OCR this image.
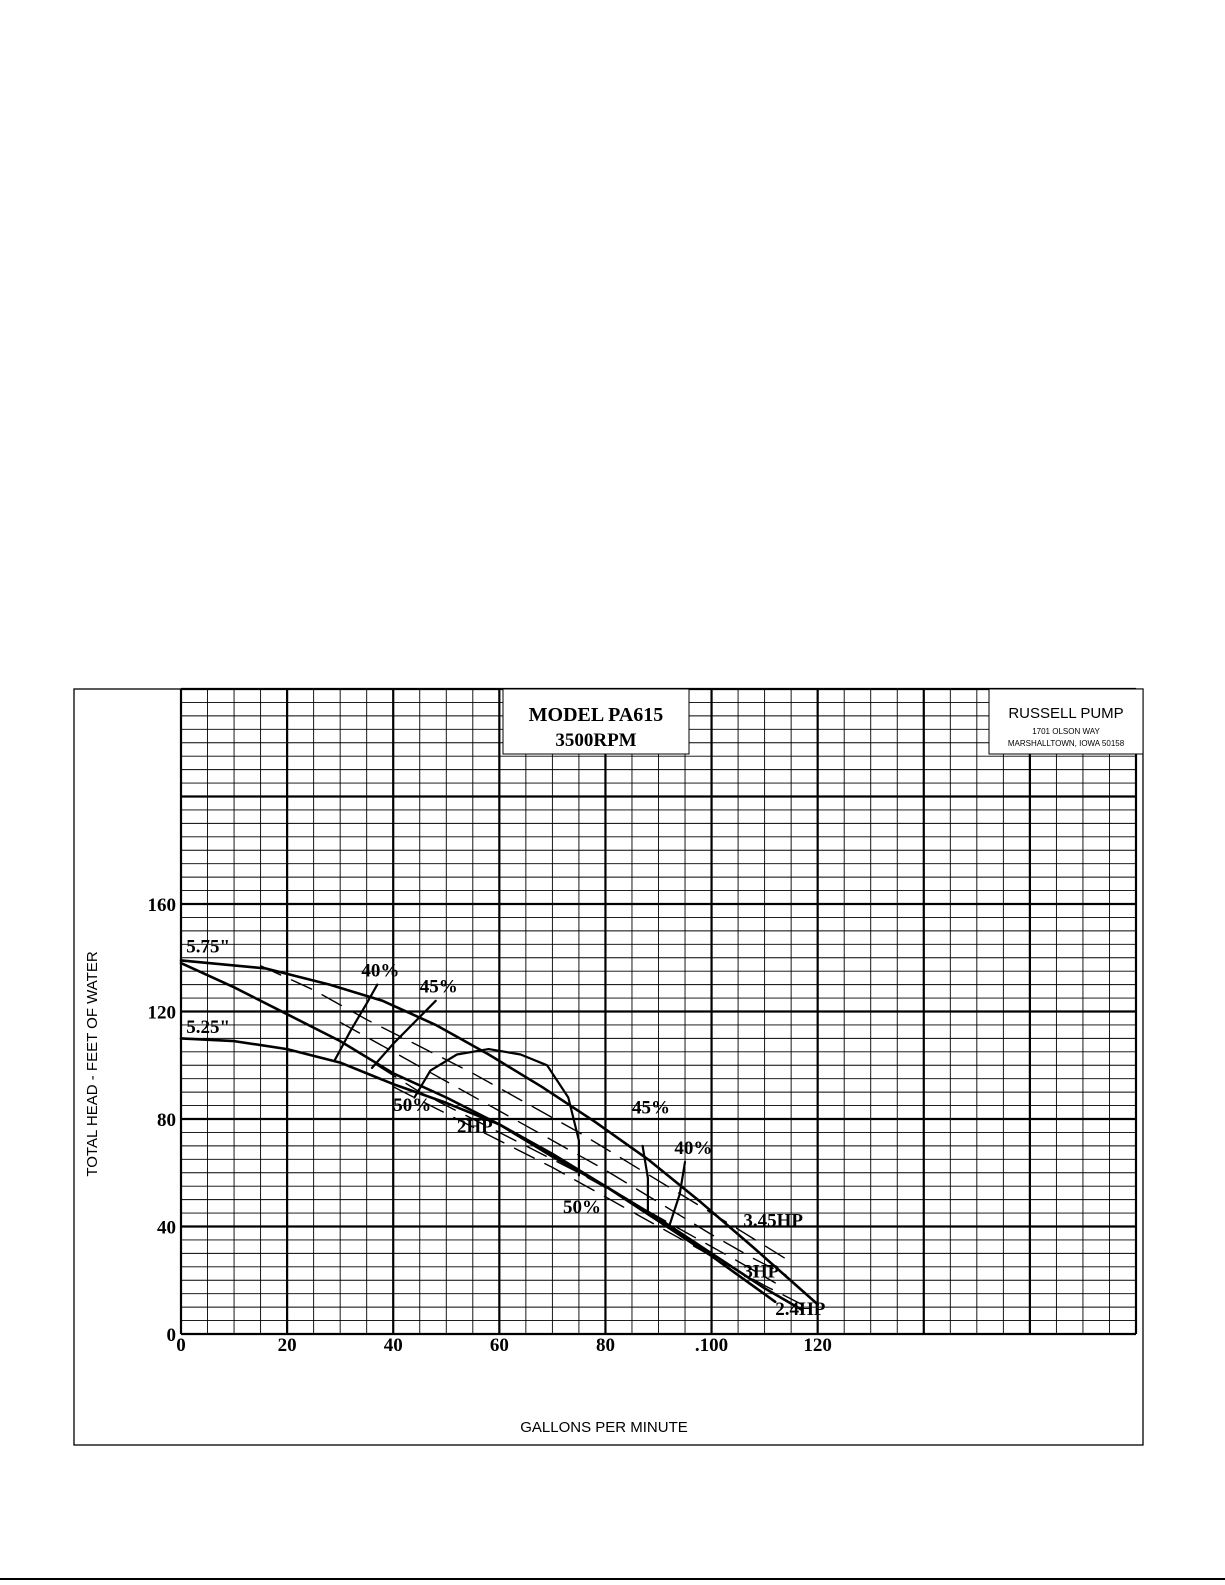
5.75"
5.25"
40%
45%
50%
2HP
45%
40%
50%
3.45HP
3HP
2.4HP
0	20	40	60	80	.100	120
0
40
80
120
160
MODEL PA615
3500RPM
RUSSELL PUMP
1701 OLSON WAY
MARSHALLTOWN, IOWA 50158
GALLONS PER MINUTE
TOTAL HEAD - FEET OF WATER
